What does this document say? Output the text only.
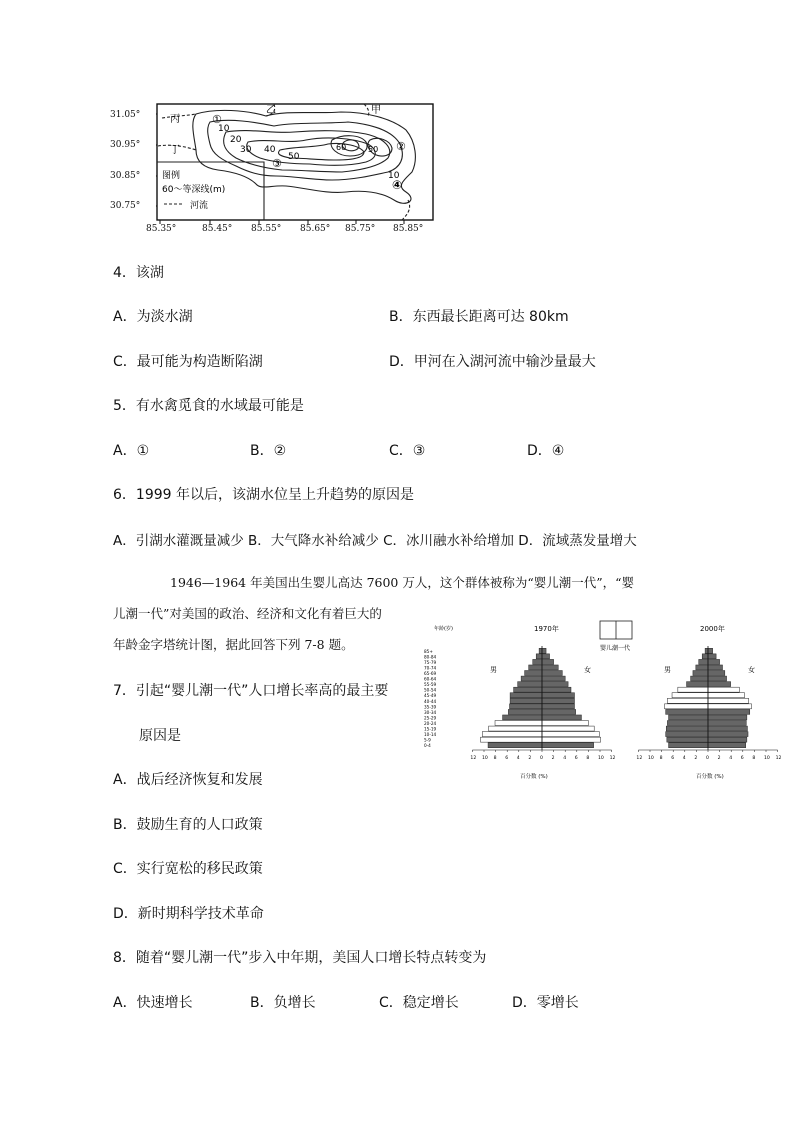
31.05°
30.95°
30.85°
30.75°
85.35°	85.45° 85.55° 85.65° 85.75° 85.85°
丙
乙	甲
丁
10
20
30 40
50
60	50
10
①
②
③
④
图例
60～等深线(m)
河流
4．该湖
A．为淡水湖	B．东西最长距离可达 80km
C．最可能为构造断陷湖	D．甲河在入湖河流中输沙量最大
5．有水禽觅食的水域最可能是
A．①	B．②	C．③	D．④
6．1999 年以后，该湖水位呈上升趋势的原因是
A．引湖水灌溉量减少 B．大气降水补给减少 C．冰川融水补给增加 D．流域蒸发量增大
1946—1964 年美国出生婴儿高达 7600 万人，这个群体被称为“婴儿潮一代”，“婴
儿潮一代”对美国的政治、经济和文化有着巨大的
年龄金字塔统计图，据此回答下列 7-8 题。
年龄(岁)	1970年	2000年
婴儿潮一代
男	女	男	女
百分数 (%)	百分数 (%)
85+
80-84
75-79
70-74
65-69
60-64
55-59
50-54
45-49
40-44
35-39
30-34
25-29
20-24
15-19
10-14
5-9
0-4
12 10 8 6 4 2 0 2 4 6 8 10 12	12 10 8 6 4 2 0 2 4 6 8 10 12
7．引起“婴儿潮一代”人口增长率高的最主要
原因是
A．战后经济恢复和发展
B．鼓励生育的人口政策
C．实行宽松的移民政策
D．新时期科学技术革命
8．随着“婴儿潮一代”步入中年期，美国人口增长特点转变为
A．快速增长	B．负增长	C．稳定增长	D．零增长
